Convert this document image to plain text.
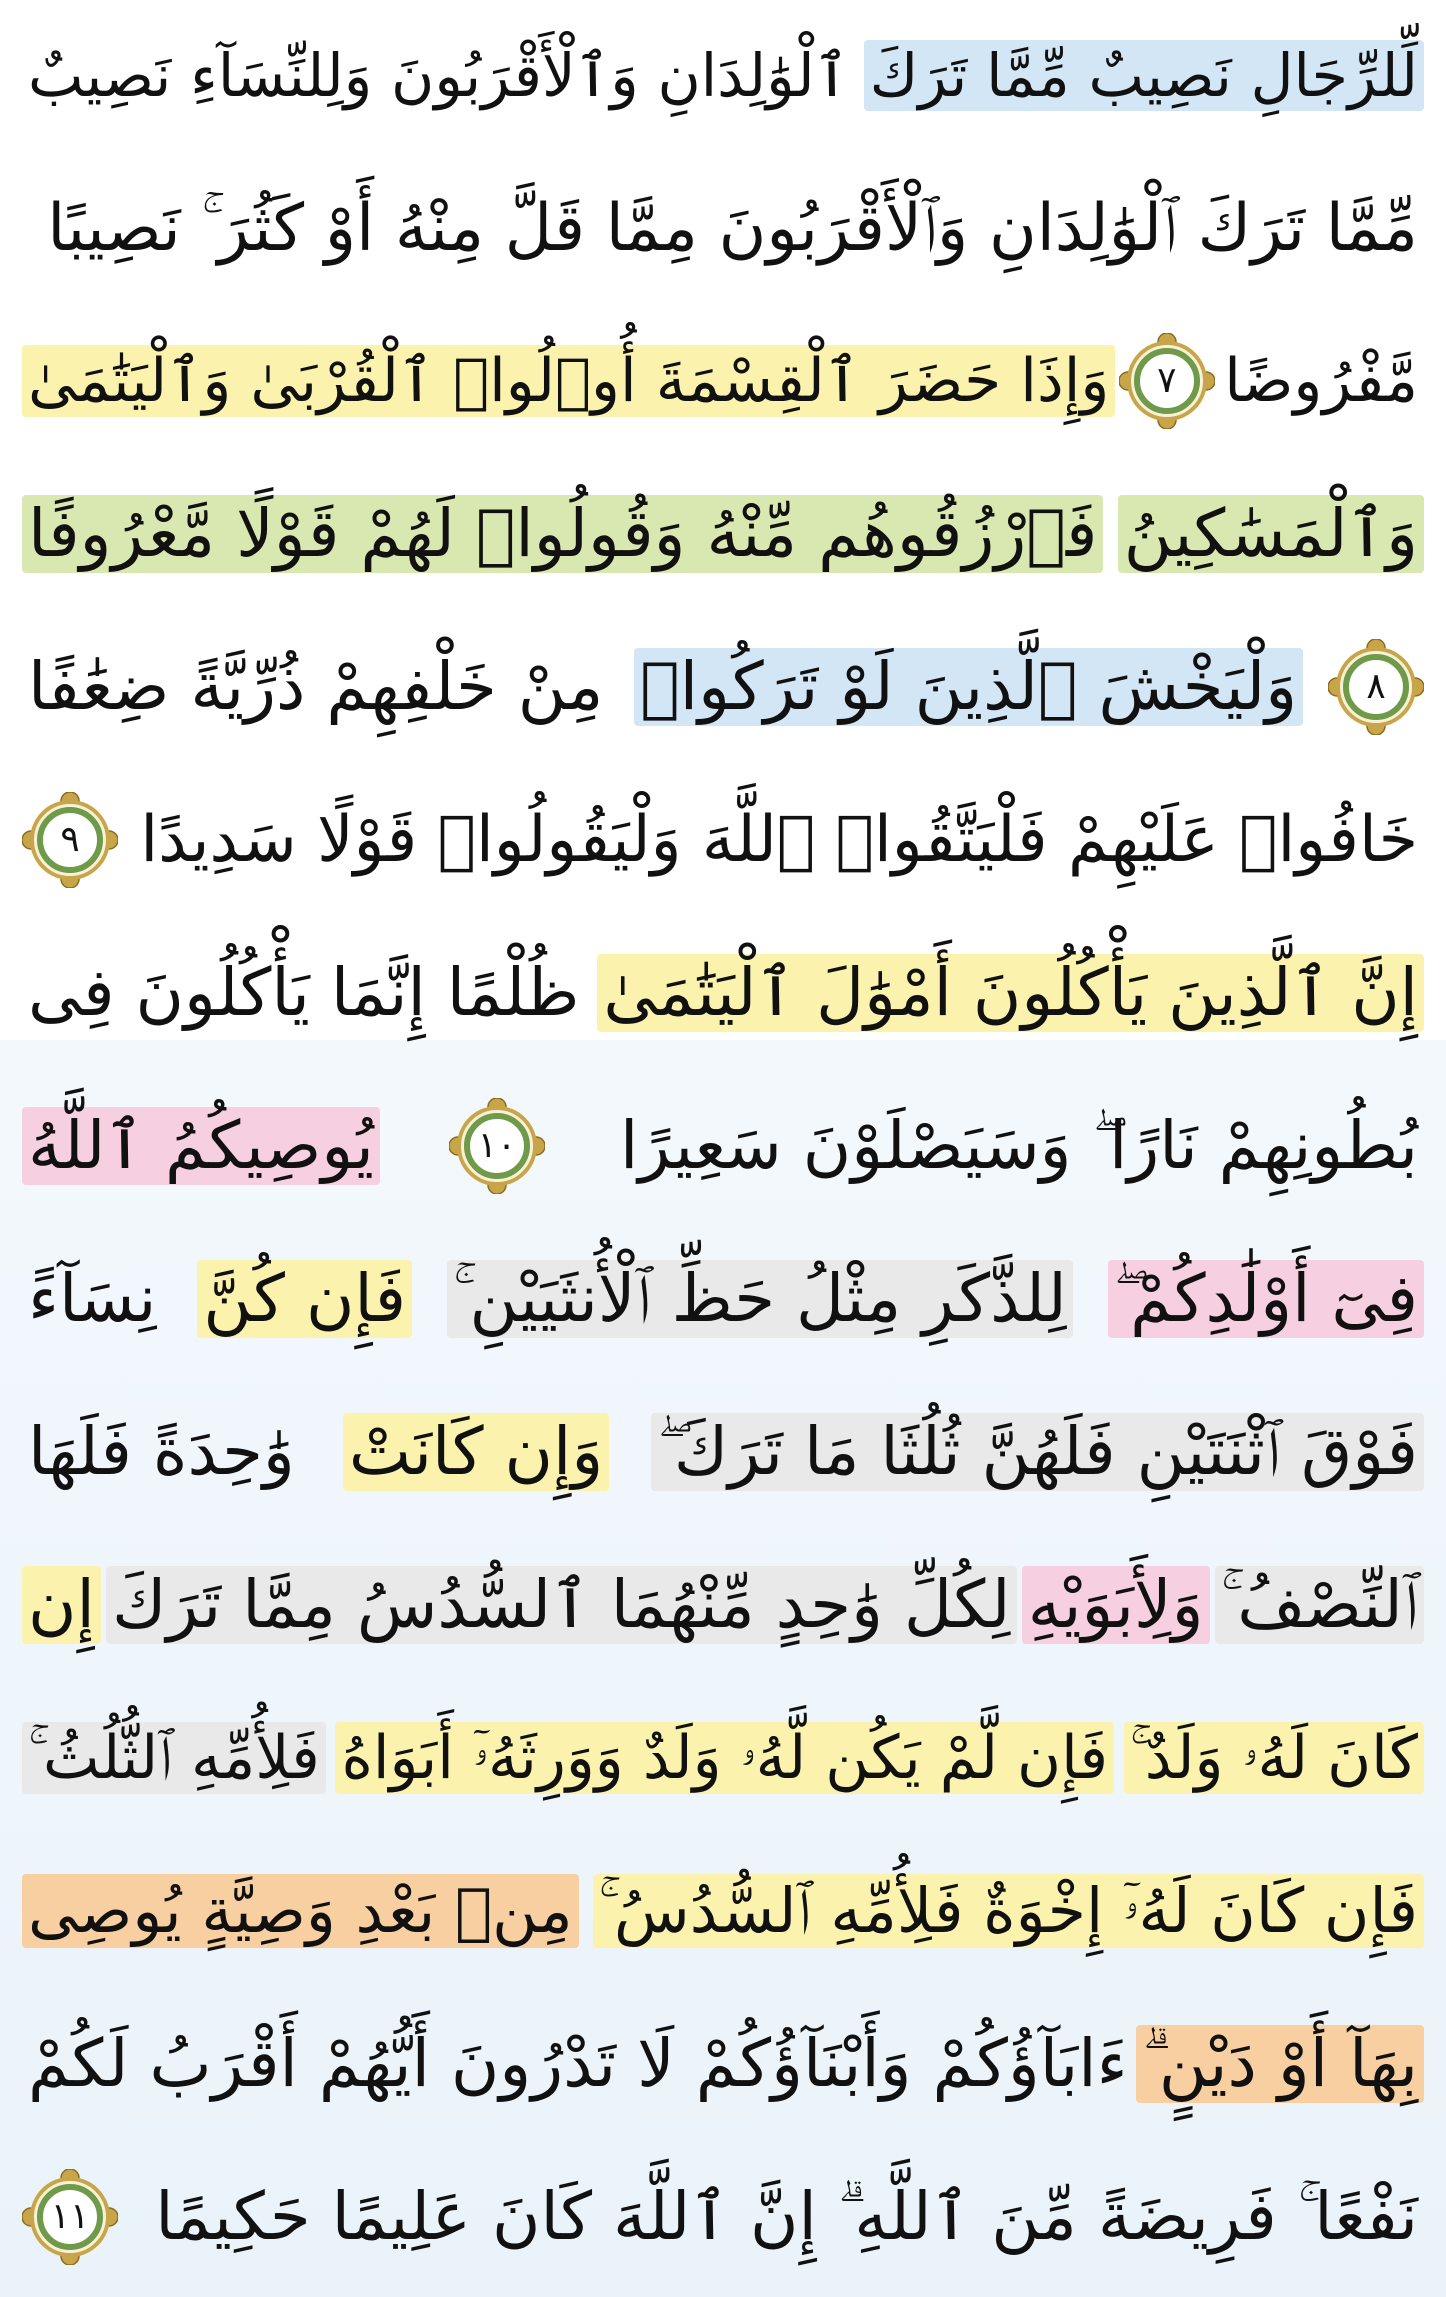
لِّلرِّجَالِ نَصِيبٌ مِّمَّا تَرَكَ
ٱلْوَٰلِدَانِ وَٱلْأَقْرَبُونَ وَلِلنِّسَآءِ نَصِيبٌ
مِّمَّا تَرَكَ ٱلْوَٰلِدَانِ وَٱلْأَقْرَبُونَ مِمَّا قَلَّ مِنْهُ أَوْ كَثُرَ ۚ نَصِيبًا
مَّفْرُوضًا
٧
وَإِذَا حَضَرَ ٱلْقِسْمَةَ أُو۟لُوا۟ ٱلْقُرْبَىٰ وَٱلْيَتَٰمَىٰ
وَٱلْمَسَٰكِينُ
فَٱرْزُقُوهُم مِّنْهُ وَقُولُوا۟ لَهُمْ قَوْلًا مَّعْرُوفًا
٨
وَلْيَخْشَ ٱلَّذِينَ لَوْ تَرَكُوا۟
مِنْ خَلْفِهِمْ ذُرِّيَّةً ضِعَٰفًا
خَافُوا۟ عَلَيْهِمْ فَلْيَتَّقُوا۟ ٱللَّهَ وَلْيَقُولُوا۟ قَوْلًا سَدِيدًا
٩
إِنَّ ٱلَّذِينَ يَأْكُلُونَ أَمْوَٰلَ ٱلْيَتَٰمَىٰ
ظُلْمًا إِنَّمَا يَأْكُلُونَ فِى
بُطُونِهِمْ نَارًا ۖ وَسَيَصْلَوْنَ سَعِيرًا
١٠
يُوصِيكُمُ ٱللَّهُ
فِىٓ أَوْلَٰدِكُمْ ۖ
لِلذَّكَرِ مِثْلُ حَظِّ ٱلْأُنثَيَيْنِ ۚ
فَإِن كُنَّ
نِسَآءً
فَوْقَ ٱثْنَتَيْنِ فَلَهُنَّ ثُلُثَا مَا تَرَكَ ۖ
وَإِن كَانَتْ
وَٰحِدَةً فَلَهَا
ٱلنِّصْفُ ۚ
وَلِأَبَوَيْهِ
لِكُلِّ وَٰحِدٍ مِّنْهُمَا ٱلسُّدُسُ مِمَّا تَرَكَ
إِن
كَانَ لَهُۥ وَلَدٌ ۚ
فَإِن لَّمْ يَكُن لَّهُۥ وَلَدٌ وَوَرِثَهُۥٓ أَبَوَاهُ
فَلِأُمِّهِ ٱلثُّلُثُ ۚ
فَإِن كَانَ لَهُۥٓ إِخْوَةٌ فَلِأُمِّهِ ٱلسُّدُسُ ۚ
مِنۢ بَعْدِ وَصِيَّةٍ يُوصِى
بِهَآ أَوْ دَيْنٍ ۗ
ءَابَآؤُكُمْ وَأَبْنَآؤُكُمْ لَا تَدْرُونَ أَيُّهُمْ أَقْرَبُ لَكُمْ
نَفْعًا ۚ فَرِيضَةً مِّنَ ٱللَّهِ ۗ إِنَّ ٱللَّهَ كَانَ عَلِيمًا حَكِيمًا
١١
